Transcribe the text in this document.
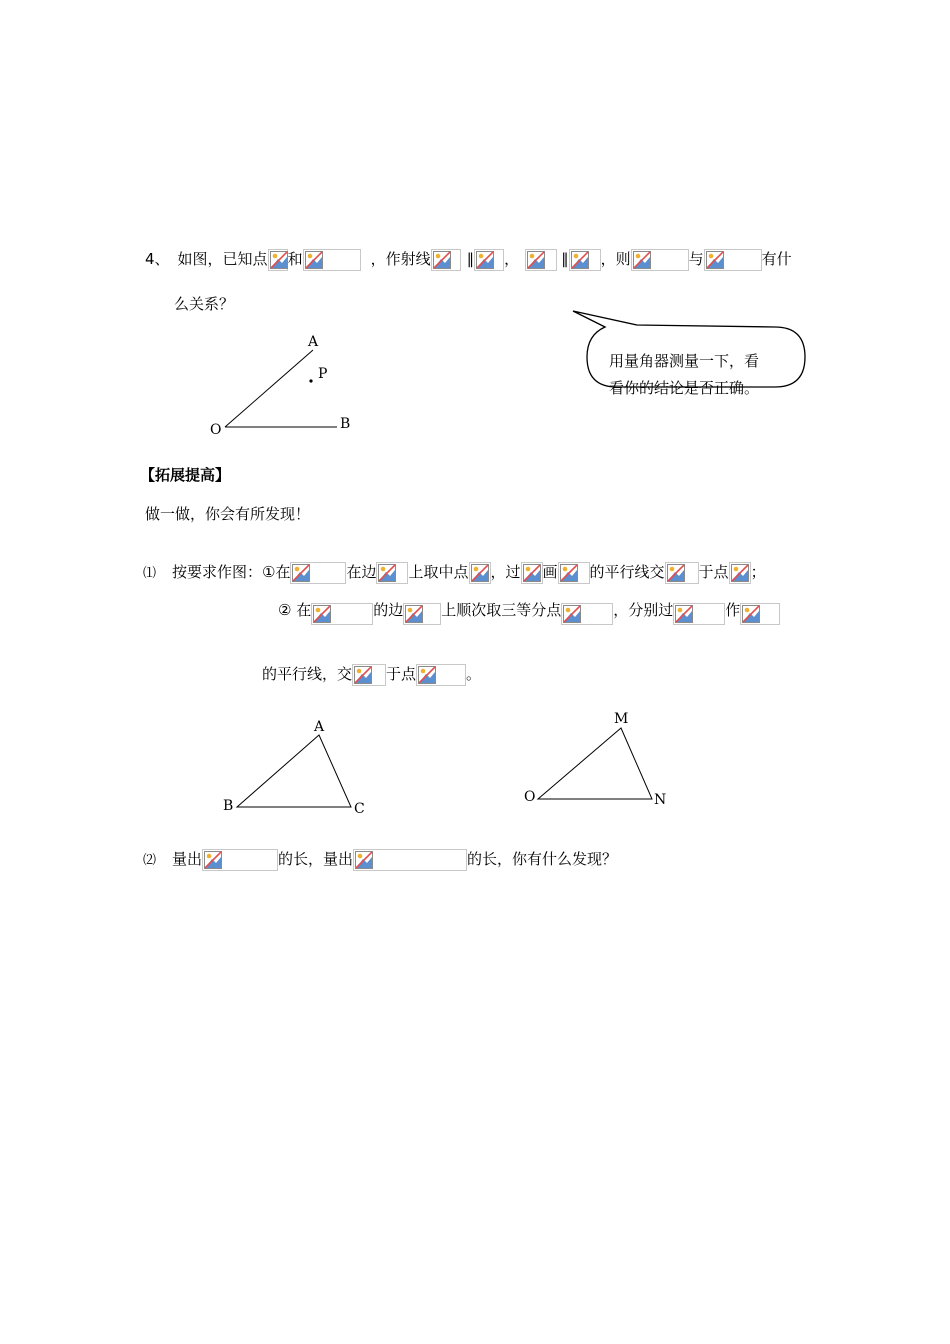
4、 如图，已知点 和	，作射线 ∥ ，	∥ ，则	与	有什
么关系？
用量角器测量一下，看
看你的结论是否正确。
A
P
O	B
【拓展提高】
做一做，你会有所发现！
⑴ 按要求作图：①在	在边 上取中点 ，过 画 的平行线交 于点 ；
② 在	的边	上顺次取三等分点	，分别过	作
的平行线，交 于点	。
A
B	C
M
O	N
⑵ 量出	的长，量出	的长，你有什么发现？
